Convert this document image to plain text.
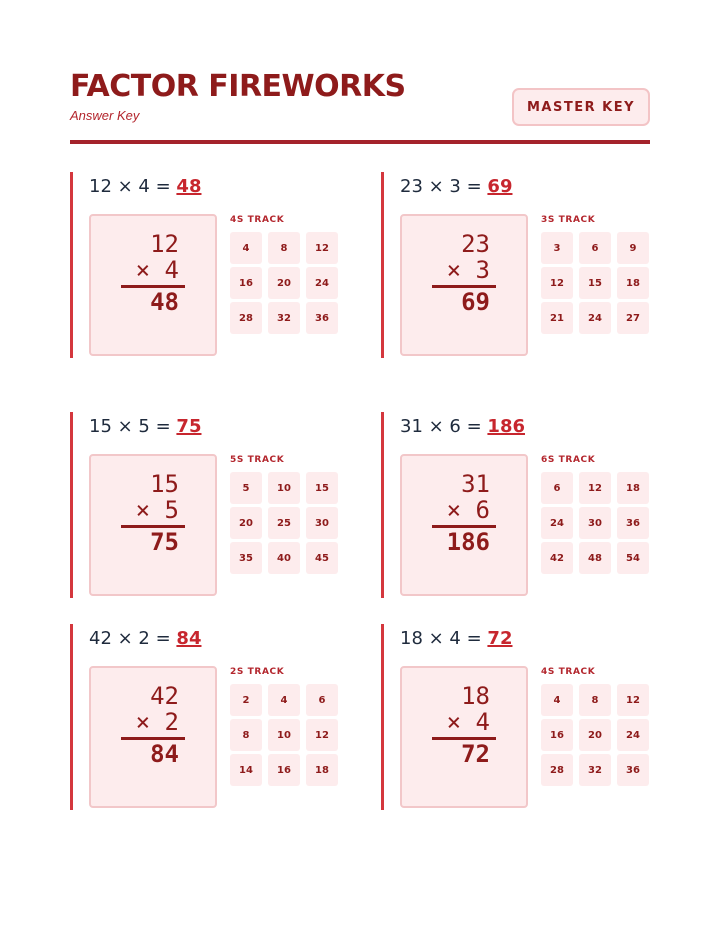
FACTOR FIREWORKS
Answer Key
MASTER KEY
12 × 4 = 48
12
× 4
48
4S TRACK
4	8	12
16	20	24
28	32	36
23 × 3 = 69
23
× 3
69
3S TRACK
3	6	9
12	15	18
21	24	27
15 × 5 = 75
15
× 5
75
5S TRACK
5	10	15
20	25	30
35	40	45
31 × 6 = 186
31
× 6
186
6S TRACK
6	12	18
24	30	36
42	48	54
42 × 2 = 84
42
× 2
84
2S TRACK
2	4	6
8	10	12
14	16	18
18 × 4 = 72
18
× 4
72
4S TRACK
4	8	12
16	20	24
28	32	36
